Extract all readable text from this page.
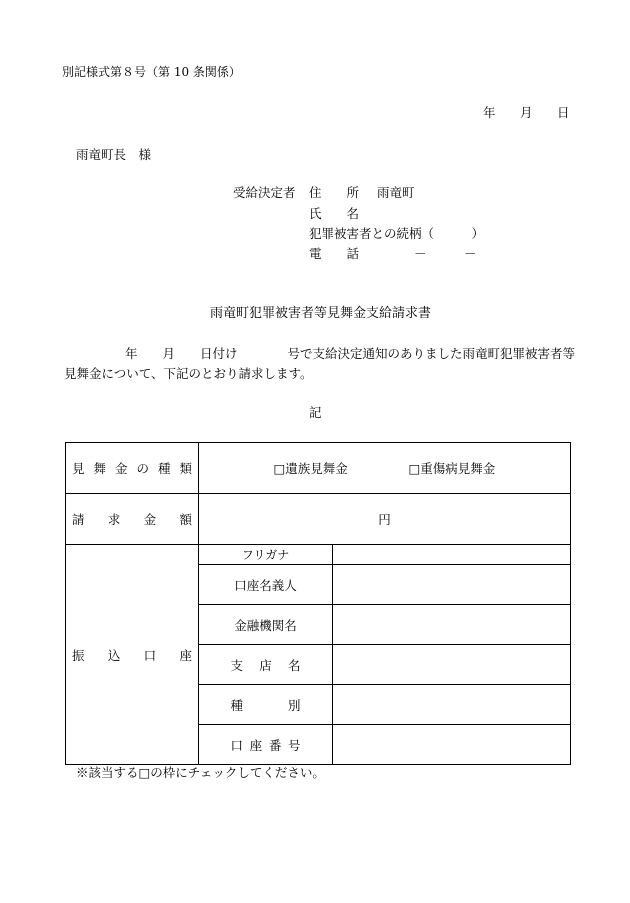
別記様式第８号（第 10 条関係）
年 月 日
雨竜町長　様
受給決定者 住　　所 雨竜町
氏　　名
犯罪被害者との続柄（　　　）
電　　話	－　　　－
雨竜町犯罪被害者等見舞金支給請求書
年　　月　　日付け　　　　号で支給決定通知のありました雨竜町犯罪被害者等
見舞金について、下記のとおり請求します。
記
見舞金の種類	□遺族見舞金 □重傷病見舞金	

請求金額	円	
振込口座	フリガナ	
	口座名義人	
	金融機関名	
	支店名	
	種別	
	口座番号	
※該当する□の枠にチェックしてください。
